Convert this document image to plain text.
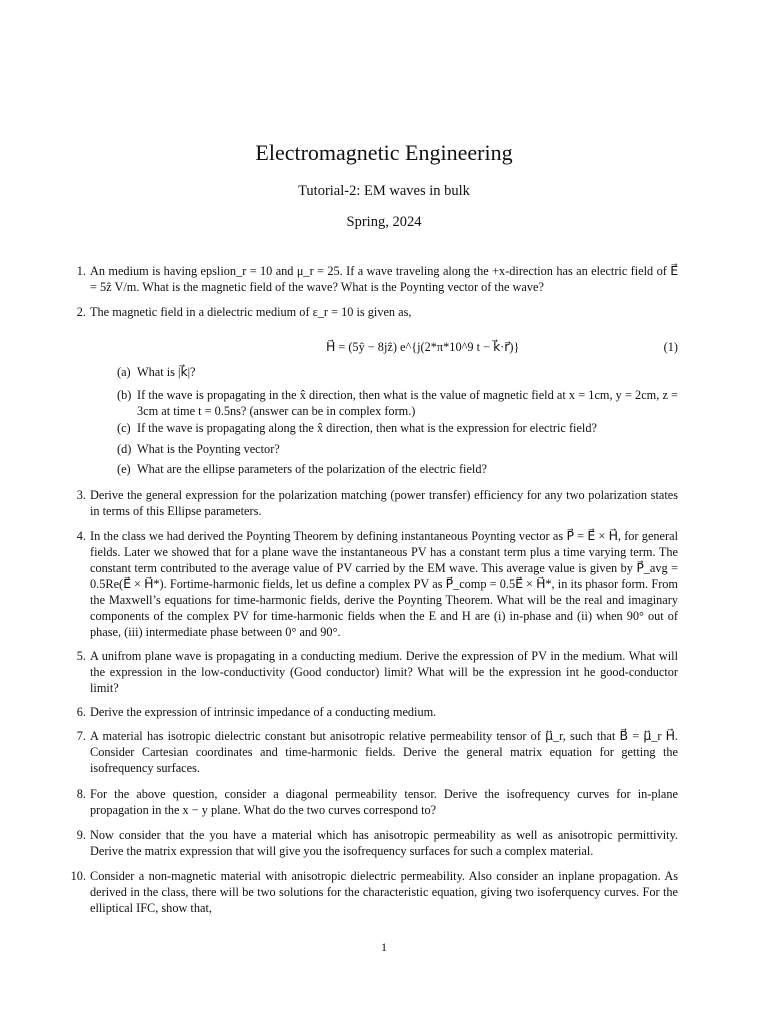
Electromagnetic Engineering
Tutorial-2: EM waves in bulk
Spring, 2024
1. An medium is having epslion_r = 10 and μ_r = 25. If a wave traveling along the +x-direction has an electric field of E⃗ = 5ẑ V/m. What is the magnetic field of the wave? What is the Poynting vector of the wave?
2. The magnetic field in a dielectric medium of ε_r = 10 is given as,
H⃗ = (5ŷ − 8jẑ) e^{j(2*π*10^9 t − k⃗·r⃗)}	(1)
(a) What is |k⃗|?
(b) If the wave is propagating in the x̂ direction, then what is the value of magnetic field at x = 1cm, y = 2cm, z = 3cm at time t = 0.5ns? (answer can be in complex form.)
(c) If the wave is propagating along the x̂ direction, then what is the expression for electric field?
(d) What is the Poynting vector?
(e) What are the ellipse parameters of the polarization of the electric field?
3. Derive the general expression for the polarization matching (power transfer) efficiency for any two polarization states in terms of this Ellipse parameters.
4. In the class we had derived the Poynting Theorem by defining instantaneous Poynting vector as P⃗ = E⃗ × H⃗, for general fields. Later we showed that for a plane wave the instantaneous PV has a constant term plus a time varying term. The constant term contributed to the average value of PV carried by the EM wave. This average value is given by P⃗_avg = 0.5Re(E⃗ × H⃗*). Fortime-harmonic fields, let us define a complex PV as P⃗_comp = 0.5E⃗ × H⃗*, in its phasor form. From the Maxwell’s equations for time-harmonic fields, derive the Poynting Theorem. What will be the real and imaginary components of the complex PV for time-harmonic fields when the E and H are (i) in-phase and (ii) when 90° out of phase, (iii) intermediate phase between 0° and 90°.
5. A unifrom plane wave is propagating in a conducting medium. Derive the expression of PV in the medium. What will the expression in the low-conductivity (Good conductor) limit? What will be the expression int he good-conductor limit?
6. Derive the expression of intrinsic impedance of a conducting medium.
7. A material has isotropic dielectric constant but anisotropic relative permeability tensor of μ⃡_r, such that B⃗ = μ⃡_r H⃗. Consider Cartesian coordinates and time-harmonic fields. Derive the general matrix equation for getting the isofrequency surfaces.
8. For the above question, consider a diagonal permeability tensor. Derive the isofrequency curves for in-plane propagation in the x − y plane. What do the two curves correspond to?
9. Now consider that the you have a material which has anisotropic permeability as well as anisotropic permittivity. Derive the matrix expression that will give you the isofrequency surfaces for such a complex material.
10. Consider a non-magnetic material with anisotropic dielectric permeability. Also consider an inplane propagation. As derived in the class, there will be two solutions for the characteristic equation, giving two isoferquency curves. For the elliptical IFC, show that,
1
